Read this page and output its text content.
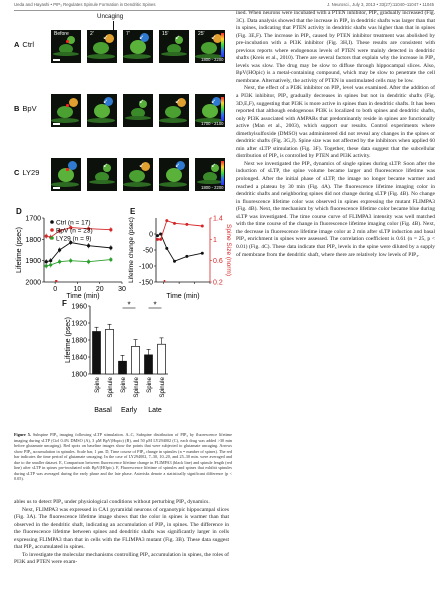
Ueda and Hayashi • PIP₃ Regulates Spinule Formation in Dendritic Spines	J. Neurosci., July 3, 2013 • 33(27):11040–11047 • 11045
Uncaging
A Ctrl
Before	2'
↙
7'
↙
15'
↙
25'
↙
1800 - 2200
B BpV
↙	↙	↙	↙
1700 - 2100
C LY29
↙	↙	↙	↙
1800 - 2200
D	E
F
1700
1800
1900
2000
0 10 20 30
Time (min)
Lifetime (psec)
Ctrl (n = 17)
BpV (n = 23)
LY29 (n = 9)
0
-50
-100
-150
1.4
1
0.6
0.2
Time (min)
Lifetime change (psec)	Spine Size (norm)
1800
1840
1880
1920
1960
Lifetime (psec)
Spine Spinule Spine Spinule Spine Spinule
Basal Early Late
*	*
Figure 5. Subspine PIP₃ imaging following sLTP stimulation. A–C, Subspine distribution of PIP₃ by fluorescence lifetime imaging during sLTP (Ctrl 0.4% DMSO (A), 3 μM BpV(Hopic) (B), and 50 μM LY294002 (C), each drug was added >30 min before glutamate uncaging). Red spots on baseline images show the points that were subjected to glutamate uncaging. Arrows show PIP₃ accumulation in spinules. Scale bar, 1 μm. D, Time course of PIP₃ change in spinules (n = number of spines). The red bar indicates the time period of glutamate uncaging. In the case of LY294002, 7–30, 10–20, and 25–30 min. were averaged and due to the smaller dataset. E, Comparison between fluorescence lifetime change in FLIMPA3 (black line) and spinule length (red line) after sLTP in spines pre-incubated with BpV(HOpic). F, Fluorescence lifetime of spinules and spines that exhibit spinules during sLTP was averaged during the early phase and the late phase. Asterisks denote a statistically significant difference (p < 0.05).

ables us to detect PIP₃ under physiological conditions without perturbing PIP₃ dynamics.

Next, FLIMPA3 was expressed in CA1 pyramidal neurons of organotypic hippocampal slices (Fig. 3A). The fluorescence lifetime image shows that the color in spines is warmer than that observed in the dendritic shaft, indicating an accumulation of PIP₃ in spines. The difference in the fluorescence lifetime between spines and dendritic shafts was significantly larger in cells expressing FLIMPA3 than that in cells with the FLIMPA3 mutant (Fig. 3B). These data suggest that PIP₃ accumulated in spines.

To investigate the molecular mechanisms controlling PIP₃ accumulation in spines, the roles of PI3K and PTEN were exam-

ined. When neurons were incubated with a PTEN inhibitor, PIP₃ gradually increased (Fig. 3C). Data analysis showed that the increase in PIP₃ in dendritic shafts was larger than that in spines, indicating that PTEN activity in dendritic shafts was higher than that in spines (Fig. 3E,F). The increase in PIP₃ caused by PTEN inhibitor treatment was abolished by pre-incubation with a PI3K inhibitor (Fig. 3H,I). These results are consistent with previous reports where endogenous levels of PTEN were mainly detected in dendritic shafts (Kreis et al., 2010). There are several factors that explain why the increase in PIP₃ levels was slow. The drug may be slow to diffuse through hippocampal slices. Also, BpV(HOpic) is a metal-containing compound, which may be slow to penetrate the cell membrane. Alternatively, the activity of PTEN in unstimulated cells may be low.

Next, the effect of a PI3K inhibitor on PIP₃ level was examined. After the addition of a PI3K inhibitor, PIP₃ gradually decreases in spines but not in dendritic shafts (Fig. 3D,E,F), suggesting that PI3K is more active in spines than in dendritic shafts. It has been reported that although endogenous PI3K is localized to both spines and dendritic shafts, only PI3K associated with AMPARs that predominantly reside in spines are functionally active (Man et al., 2003), which support our results. Control experiments where dimethylsulfoxide (DMSO) was administered did not reveal any changes in the spines or dendritic shafts (Fig. 3G,J). Spine size was not affected by the inhibitors when applied 60 min after sLTP stimulation (Fig. 3F). Together, these data suggest that the subcellular distribution of PIP₃ is controlled by PTEN and PI3K activity.

Next we investigated the PIP₃ dynamics of single spines during sLTP. Soon after the induction of sLTP, the spine volume became larger and fluorescence lifetime was prolonged. After the initial phase of sLTP, the image no longer became warmer and reached a plateau by 30 min (Fig. 4A). The fluorescence lifetime imaging color in dendritic shafts and neighboring spines did not change during sLTP (Fig. 4B). No change in fluorescence lifetime color was observed in spines expressing the mutant FLIMPA3 (Fig. 4B). Next, the mechanism by which fluorescence lifetime color became blue during sLTP was investigated. The time course curve of FLIMPA3 intensity was well matched with the time course of the change in fluorescence lifetime imaging color (Fig. 4B). Next, the decrease in fluorescence lifetime image color at 2 min after sLTP induction and basal PIP₃ enrichment in spines were assessed. The correlation coefficient is 0.61 (n = 25, p < 0.01) (Fig. 4C). These data indicate that PIP₃ levels in the spine were diluted by a supply of membrane from the dendritic shaft, where there are relatively low levels of PIP₃.
